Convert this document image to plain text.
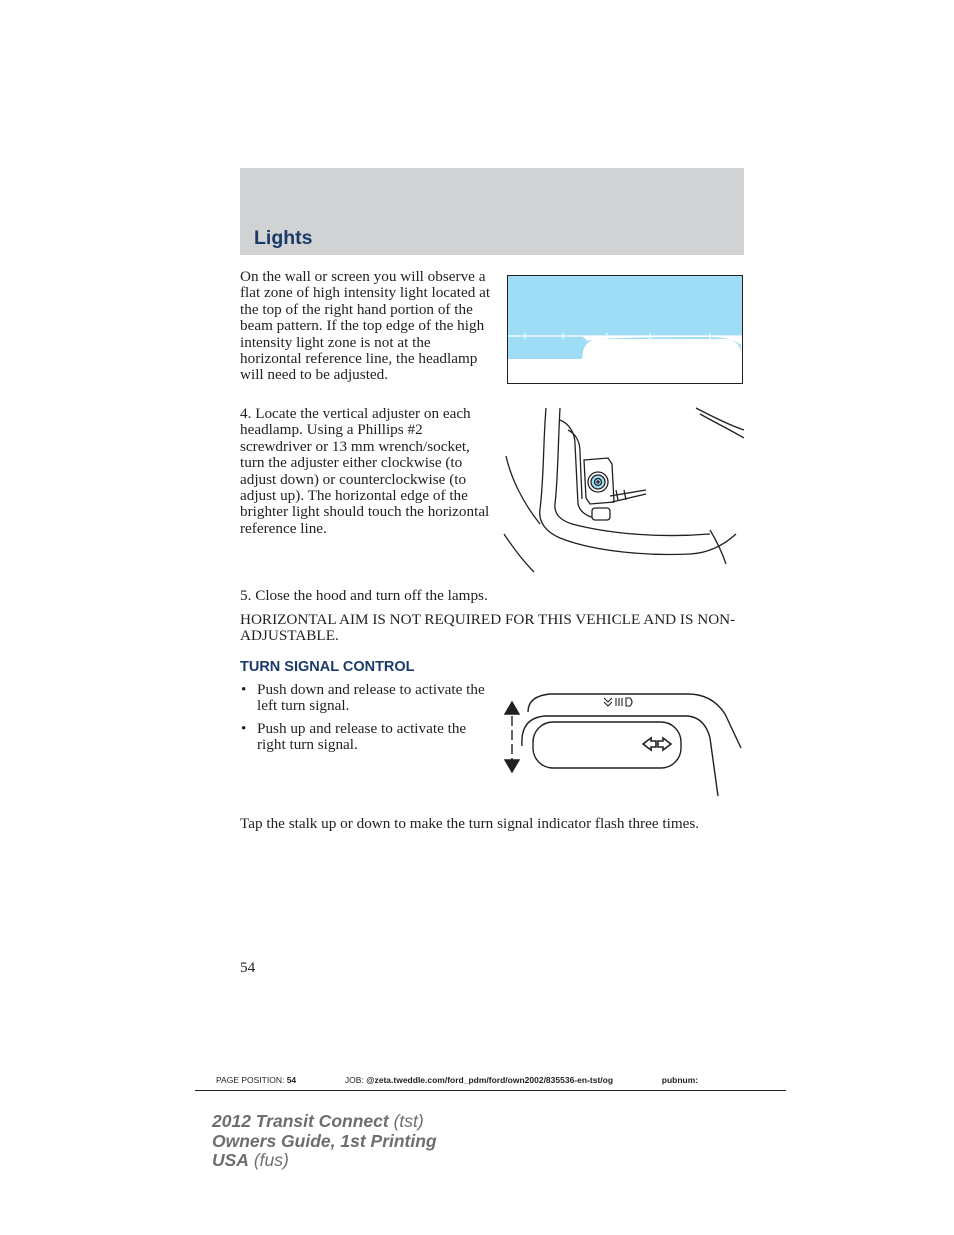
Lights

On the wall or screen you will observe a flat zone of high intensity light located at the top of the right hand portion of the beam pattern. If the top edge of the high intensity light zone is not at the horizontal reference line, the headlamp will need to be adjusted.

4. Locate the vertical adjuster on each headlamp. Using a Phillips #2 screwdriver or 13 mm wrench/socket, turn the adjuster either clockwise (to adjust down) or counterclockwise (to adjust up). The horizontal edge of the brighter light should touch the horizontal reference line.

5. Close the hood and turn off the lamps.

HORIZONTAL AIM IS NOT REQUIRED FOR THIS VEHICLE AND IS NON-ADJUSTABLE.

TURN SIGNAL CONTROL
• Push down and release to activate the left turn signal.
• Push up and release to activate the right turn signal.

Tap the stalk up or down to make the turn signal indicator flash three times.

54
PAGE POSITION: 54	JOB: @zeta.tweddle.com/ford_pdm/ford/own2002/835536-en-tst/og	pubnum:
2012 Transit Connect (tst)
Owners Guide, 1st Printing
USA (fus)
